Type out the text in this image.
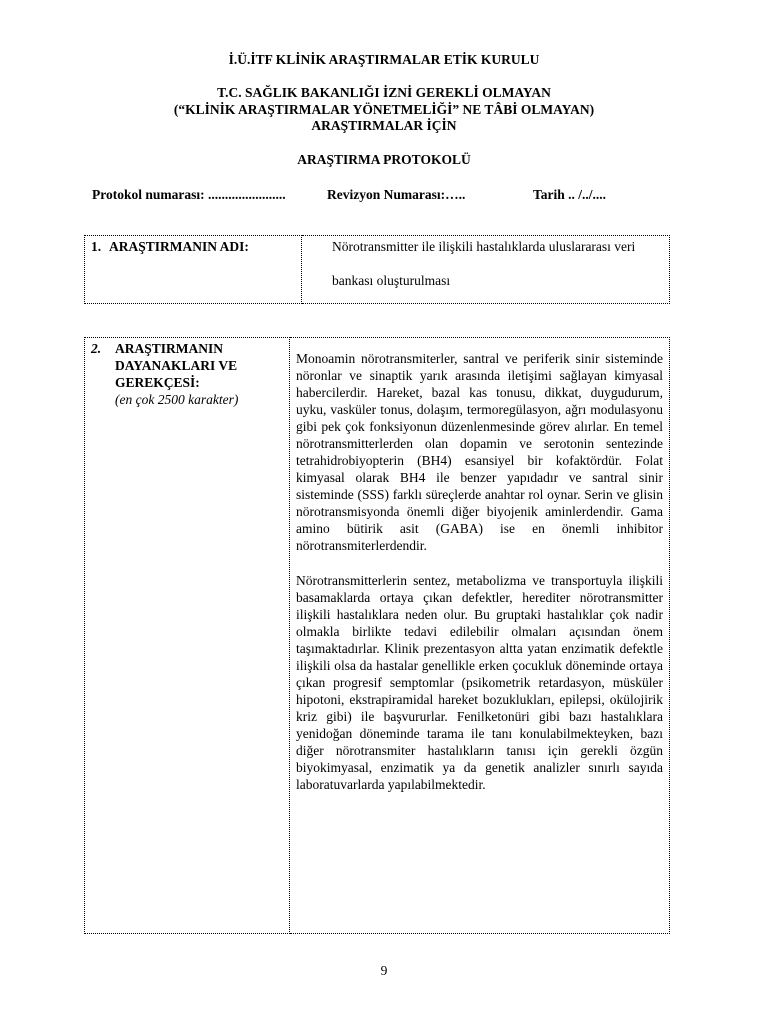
İ.Ü.İTF KLİNİK ARAŞTIRMALAR ETİK KURULU
T.C. SAĞLIK BAKANLIĞI İZNİ GEREKLİ OLMAYAN
(“KLİNİK ARAŞTIRMALAR YÖNETMELİĞİ” NE TÂBİ OLMAYAN)
ARAŞTIRMALAR İÇİN
ARAŞTIRMA PROTOKOLÜ
Protokol numarası: .......................	Revizyon Numarası:…..	Tarih .. /../....
1. ARAŞTIRMANIN ADI:	Nörotransmitter ile ilişkili hastalıklarda uluslararası veri
bankası oluşturulması
2.	ARAŞTIRMANIN DAYANAKLARI VE GEREKÇESİ:
(en çok 2500 karakter)

Monoamin nörotransmiterler, santral ve periferik sinir sisteminde nöronlar ve sinaptik yarık arasında iletişimi sağlayan kimyasal habercilerdir. Hareket, bazal kas tonusu, dikkat, duygudurum, uyku, vasküler tonus, dolaşım, termoregülasyon, ağrı modulasyonu gibi pek çok fonksiyonun düzenlenmesinde görev alırlar. En temel nörotransmitterlerden olan dopamin ve serotonin sentezinde tetrahidrobiyopterin (BH4) esansiyel bir kofaktördür. Folat kimyasal olarak BH4 ile benzer yapıdadır ve santral sinir sisteminde (SSS) farklı süreçlerde anahtar rol oynar. Serin ve glisin nörotransmisyonda önemli diğer biyojenik aminlerdendir. Gama amino bütirik asit (GABA) ise en önemli inhibitor nörotransmiterlerdendir.

Nörotransmitterlerin sentez, metabolizma ve transportuyla ilişkili basamaklarda ortaya çıkan defektler, herediter nörotransmitter ilişkili hastalıklara neden olur. Bu gruptaki hastalıklar çok nadir olmakla birlikte tedavi edilebilir olmaları açısından önem taşımaktadırlar. Klinik prezentasyon altta yatan enzimatik defektle ilişkili olsa da hastalar genellikle erken çocukluk döneminde ortaya çıkan progresif semptomlar (psikometrik retardasyon, müsküler hipotoni, ekstrapiramidal hareket bozuklukları, epilepsi, okülojirik kriz gibi) ile başvururlar. Fenilketonüri gibi bazı hastalıklara yenidoğan döneminde tarama ile tanı konulabilmekteyken, bazı diğer nörotransmiter hastalıkların tanısı için gerekli özgün biyokimyasal, enzimatik ya da genetik analizler sınırlı sayıda laboratuvarlarda yapılabilmektedir.

9
